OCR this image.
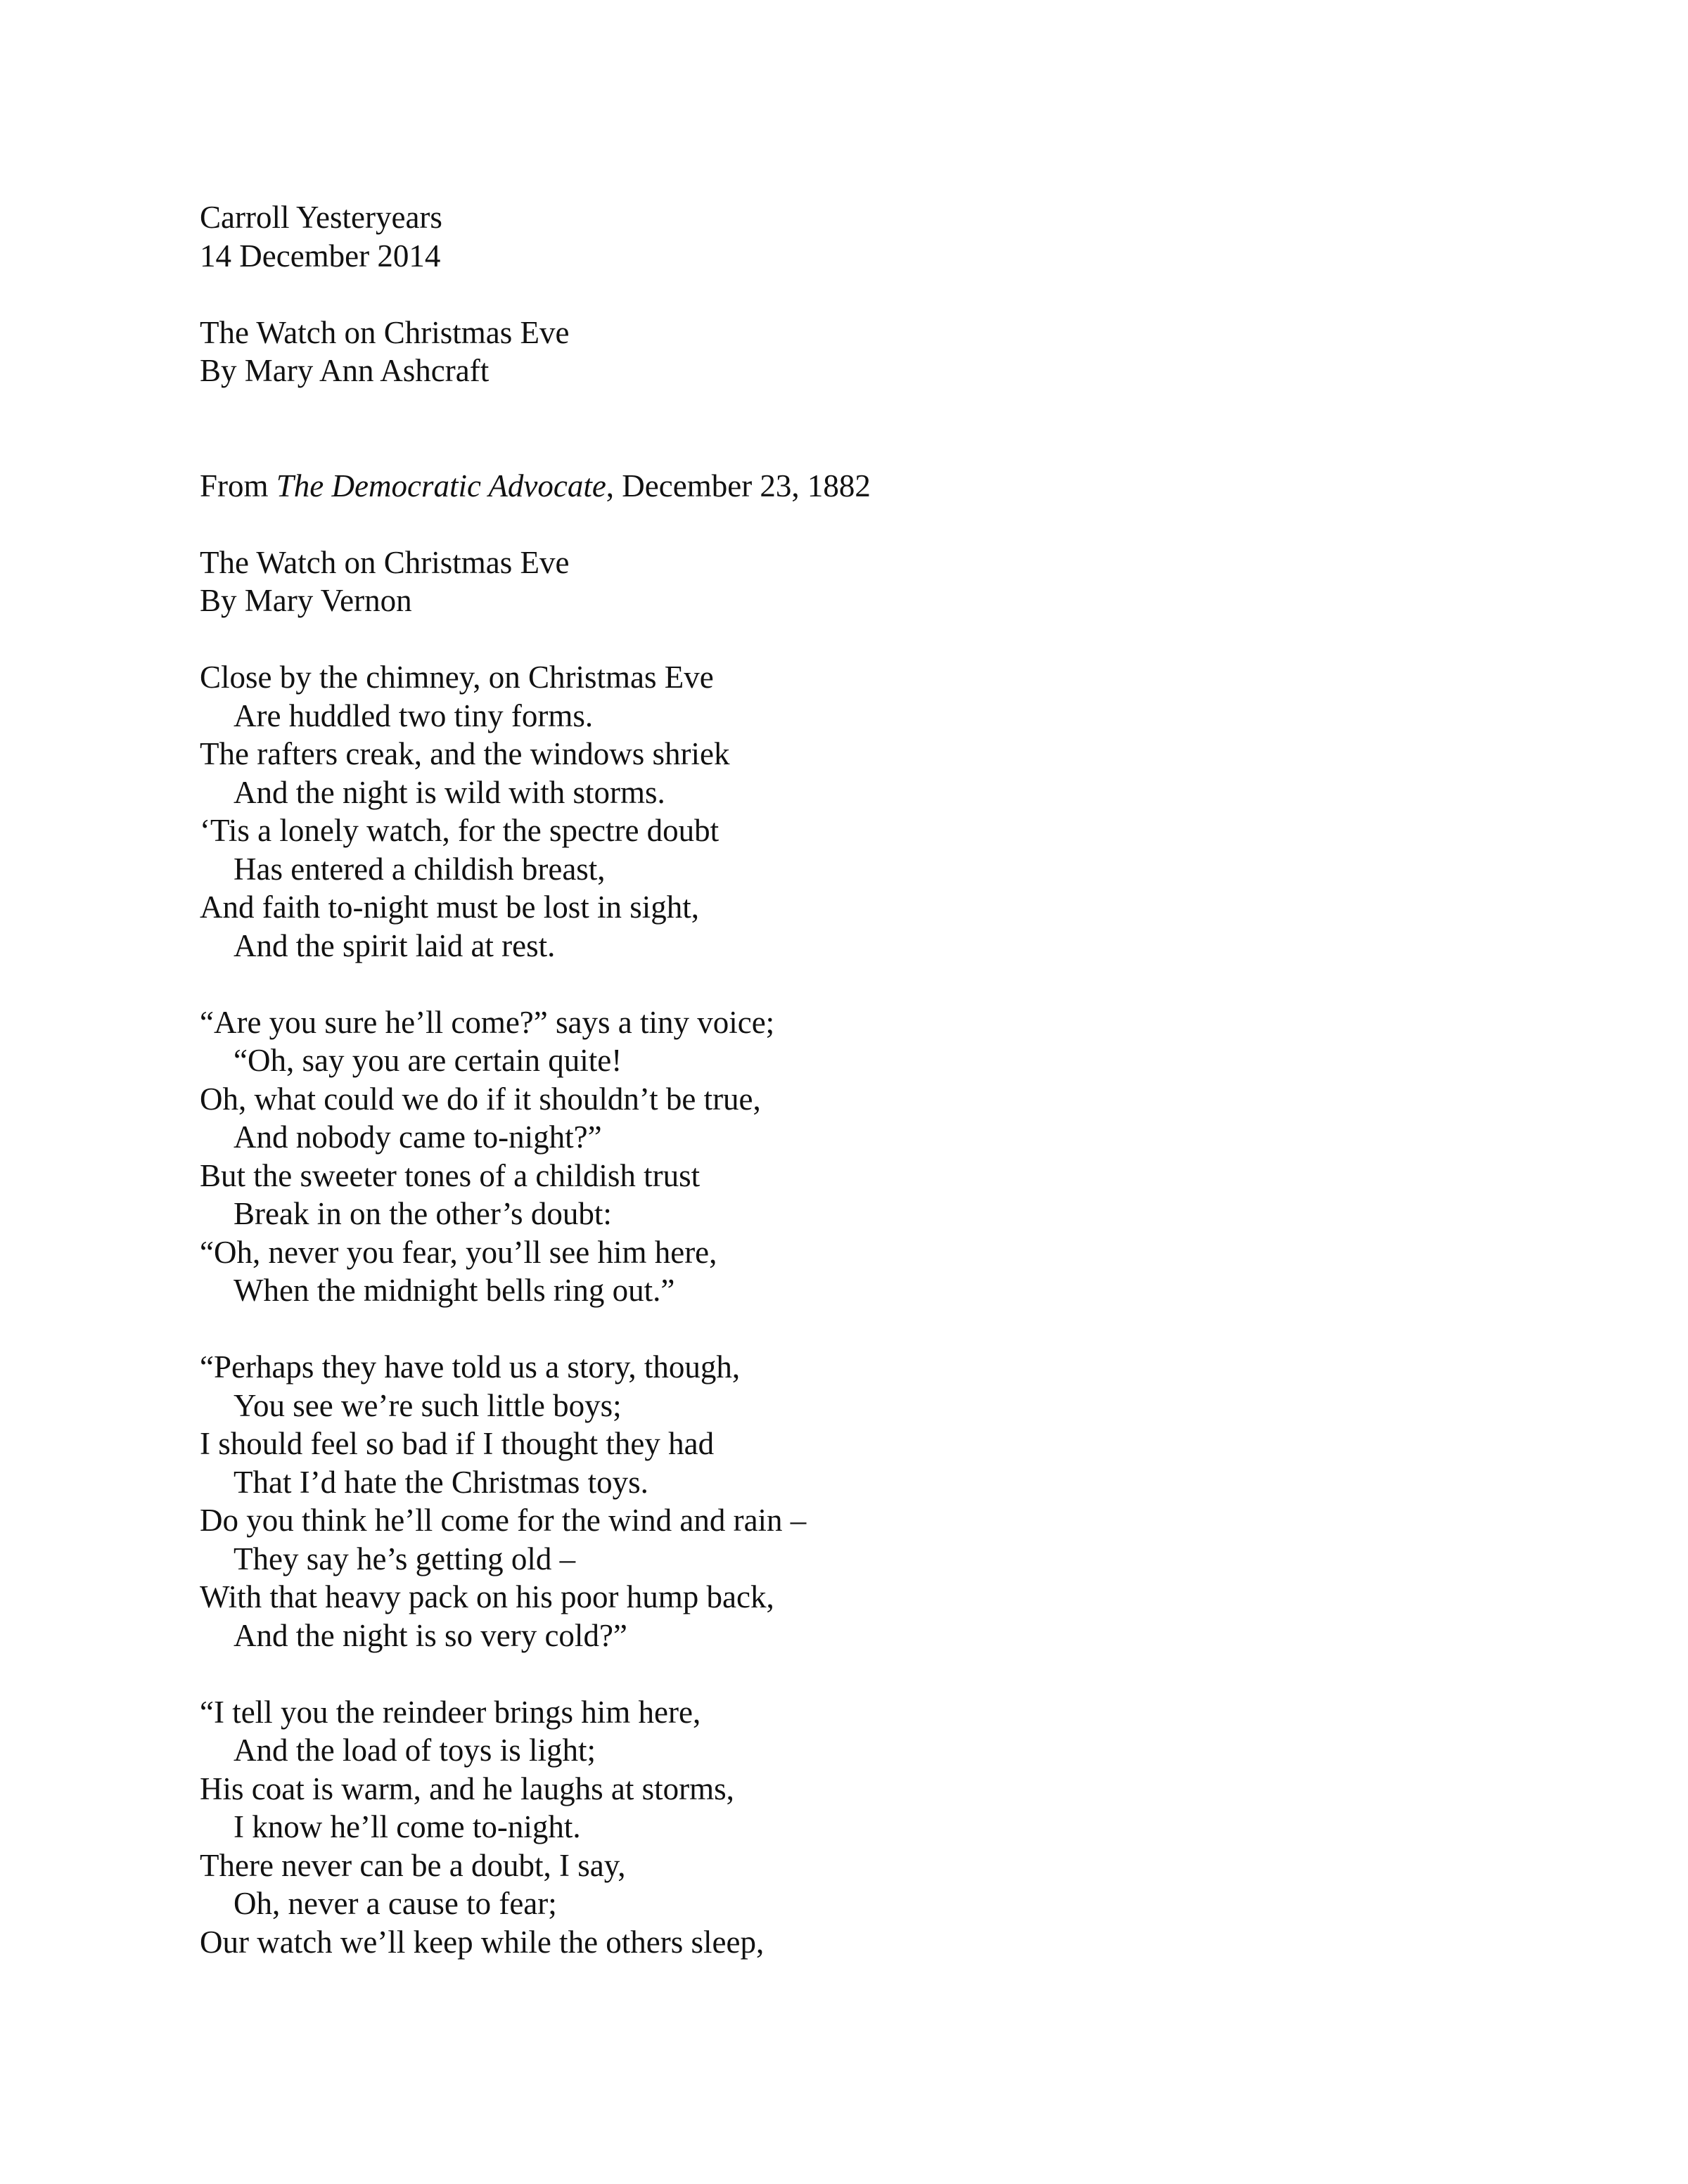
Carroll Yesteryears
14 December 2014
The Watch on Christmas Eve
By Mary Ann Ashcraft
From The Democratic Advocate, December 23, 1882
The Watch on Christmas Eve
By Mary Vernon
Close by the chimney, on Christmas Eve
Are huddled two tiny forms.
The rafters creak, and the windows shriek
And the night is wild with storms.
‘Tis a lonely watch, for the spectre doubt
Has entered a childish breast,
And faith to-night must be lost in sight,
And the spirit laid at rest.
“Are you sure he’ll come?” says a tiny voice;
“Oh, say you are certain quite!
Oh, what could we do if it shouldn’t be true,
And nobody came to-night?”
But the sweeter tones of a childish trust
Break in on the other’s doubt:
“Oh, never you fear, you’ll see him here,
When the midnight bells ring out.”
“Perhaps they have told us a story, though,
You see we’re such little boys;
I should feel so bad if I thought they had
That I’d hate the Christmas toys.
Do you think he’ll come for the wind and rain –
They say he’s getting old –
With that heavy pack on his poor hump back,
And the night is so very cold?”
“I tell you the reindeer brings him here,
And the load of toys is light;
His coat is warm, and he laughs at storms,
I know he’ll come to-night.
There never can be a doubt, I say,
Oh, never a cause to fear;
Our watch we’ll keep while the others sleep,
